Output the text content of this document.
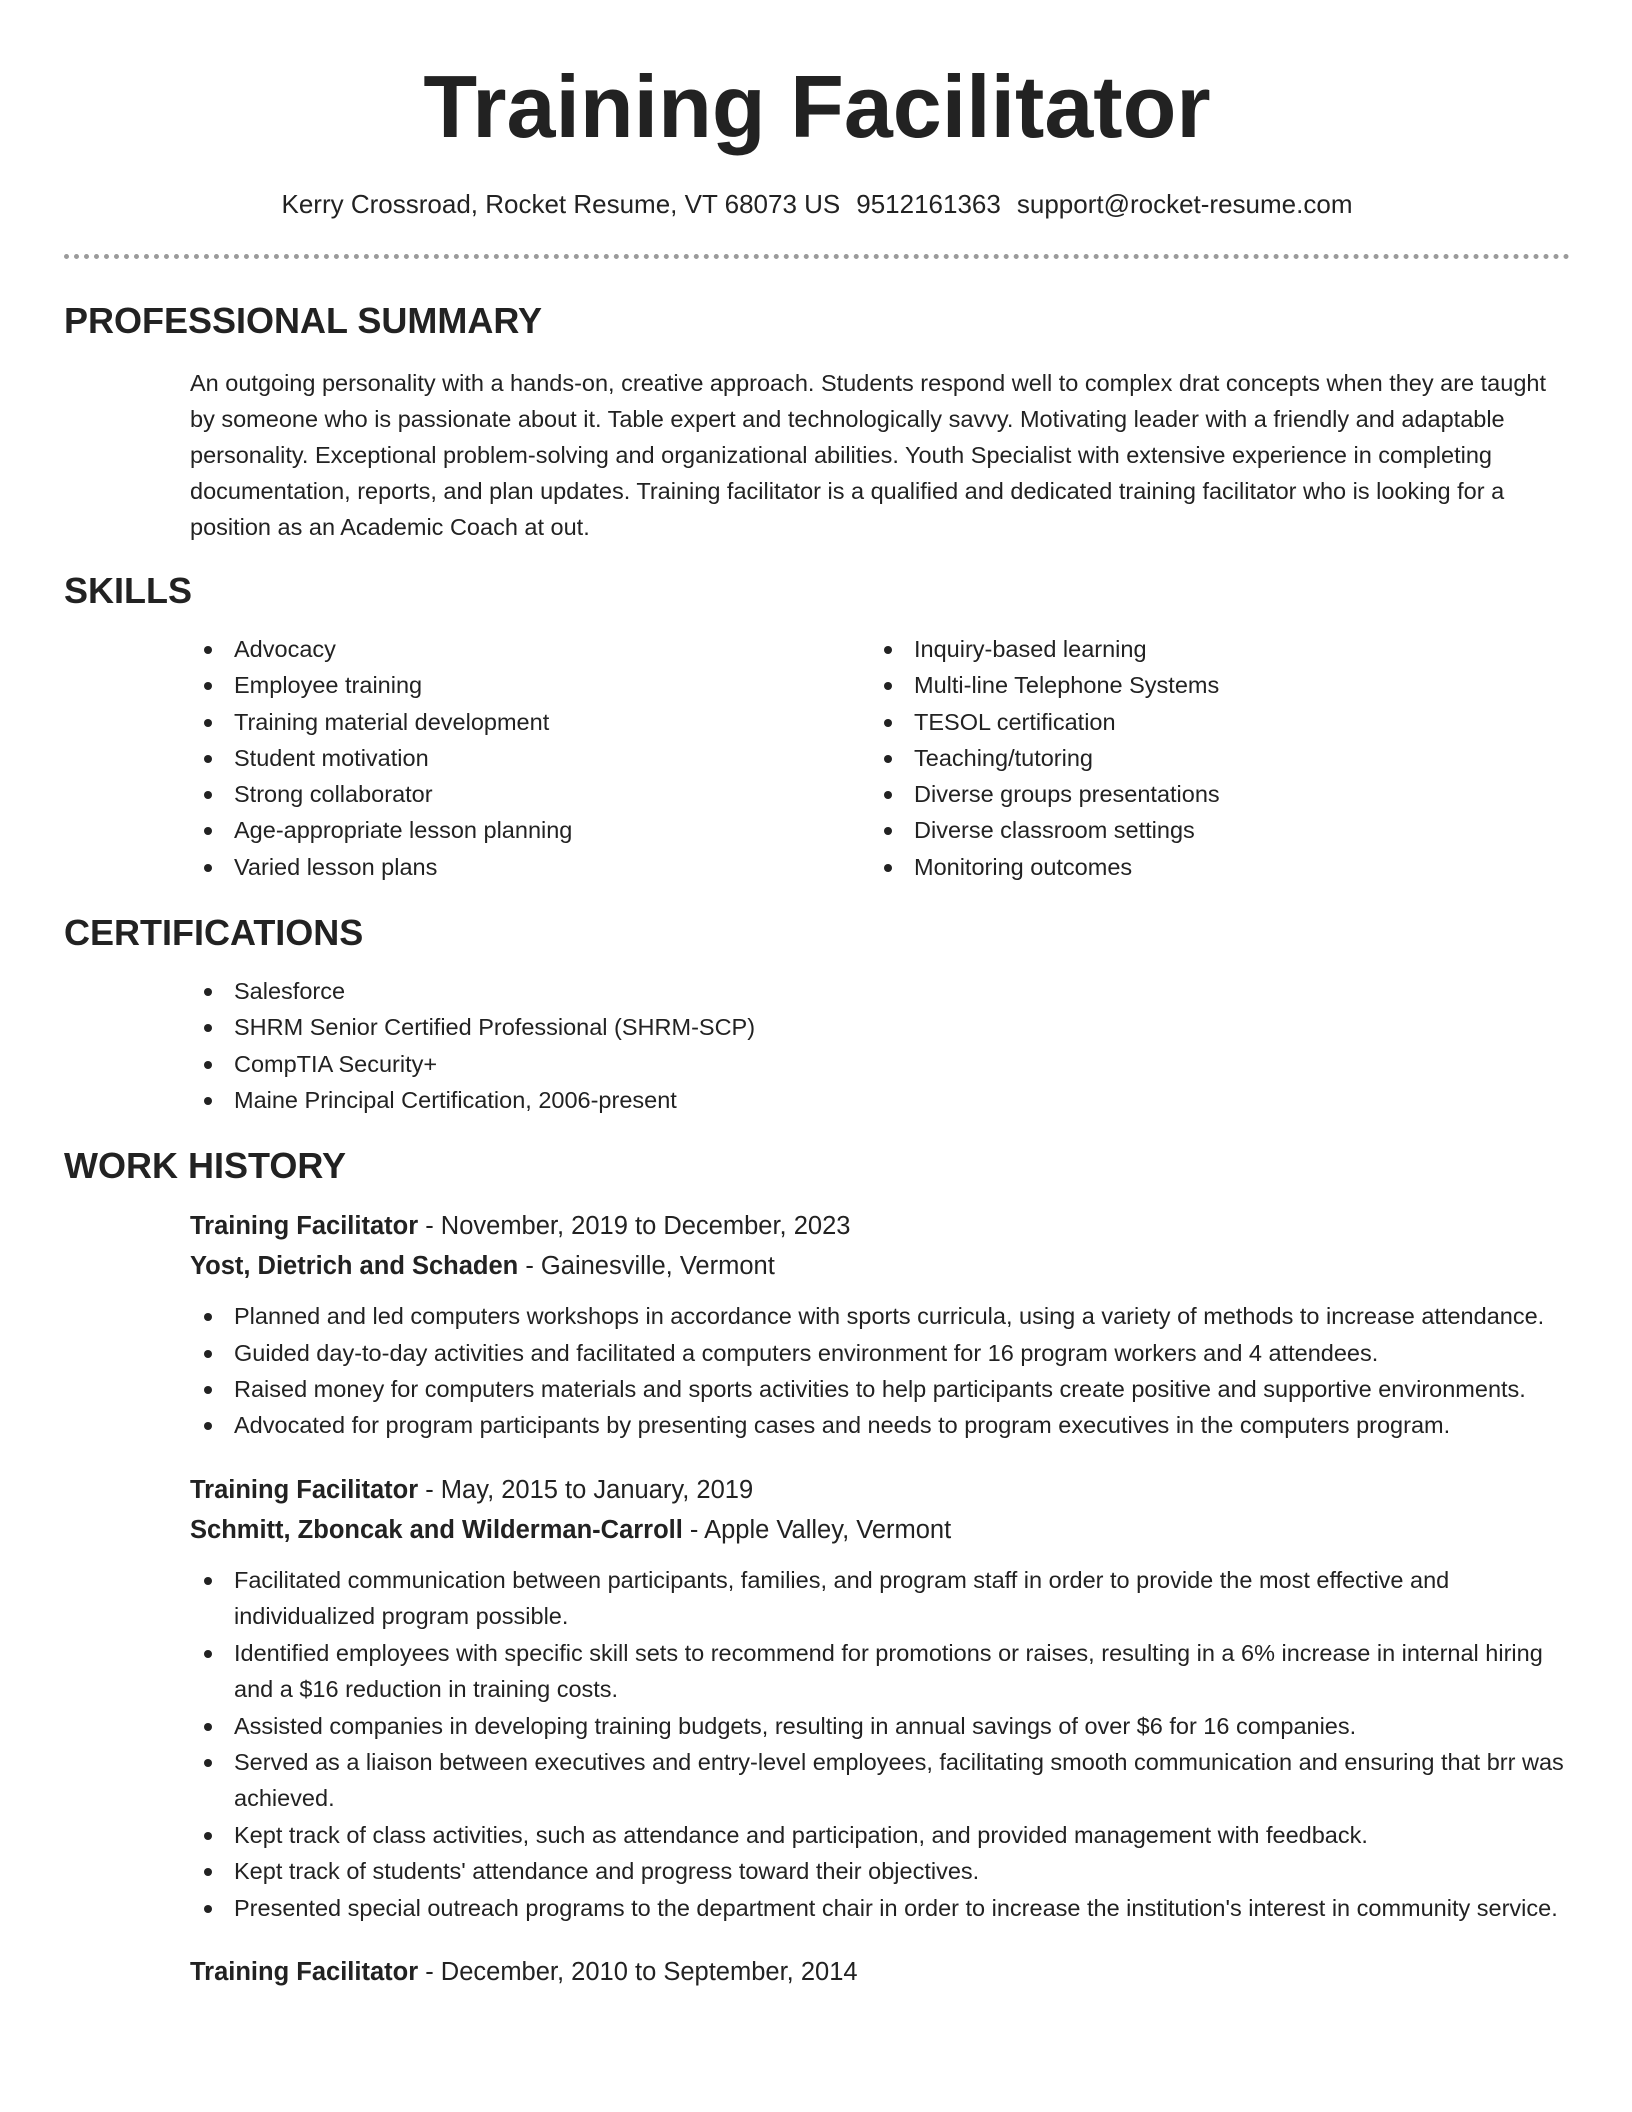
Training Facilitator
Kerry Crossroad, Rocket Resume, VT 68073 US 9512161363 support@rocket-resume.com
PROFESSIONAL SUMMARY

An outgoing personality with a hands-on, creative approach. Students respond well to complex drat concepts when they are taught by someone who is passionate about it. Table expert and technologically savvy. Motivating leader with a friendly and adaptable personality. Exceptional problem-solving and organizational abilities. Youth Specialist with extensive experience in completing documentation, reports, and plan updates. Training facilitator is a qualified and dedicated training facilitator who is looking for a position as an Academic Coach at out.

SKILLS
Advocacy
Employee training
Training material development
Student motivation
Strong collaborator
Age-appropriate lesson planning
Varied lesson plans
Inquiry-based learning
Multi-line Telephone Systems
TESOL certification
Teaching/tutoring
Diverse groups presentations
Diverse classroom settings
Monitoring outcomes
CERTIFICATIONS
Salesforce
SHRM Senior Certified Professional (SHRM-SCP)
CompTIA Security+
Maine Principal Certification, 2006-present
WORK HISTORY
Training Facilitator - November, 2019 to December, 2023
Yost, Dietrich and Schaden - Gainesville, Vermont
Planned and led computers workshops in accordance with sports curricula, using a variety of methods to increase attendance.
Guided day-to-day activities and facilitated a computers environment for 16 program workers and 4 attendees.
Raised money for computers materials and sports activities to help participants create positive and supportive environments.
Advocated for program participants by presenting cases and needs to program executives in the computers program.
Training Facilitator - May, 2015 to January, 2019
Schmitt, Zboncak and Wilderman-Carroll - Apple Valley, Vermont
Facilitated communication between participants, families, and program staff in order to provide the most effective and individualized program possible.
Identified employees with specific skill sets to recommend for promotions or raises, resulting in a 6% increase in internal hiring and a $16 reduction in training costs.
Assisted companies in developing training budgets, resulting in annual savings of over $6 for 16 companies.
Served as a liaison between executives and entry-level employees, facilitating smooth communication and ensuring that brr was achieved.
Kept track of class activities, such as attendance and participation, and provided management with feedback.
Kept track of students' attendance and progress toward their objectives.
Presented special outreach programs to the department chair in order to increase the institution's interest in community service.
Training Facilitator - December, 2010 to September, 2014
